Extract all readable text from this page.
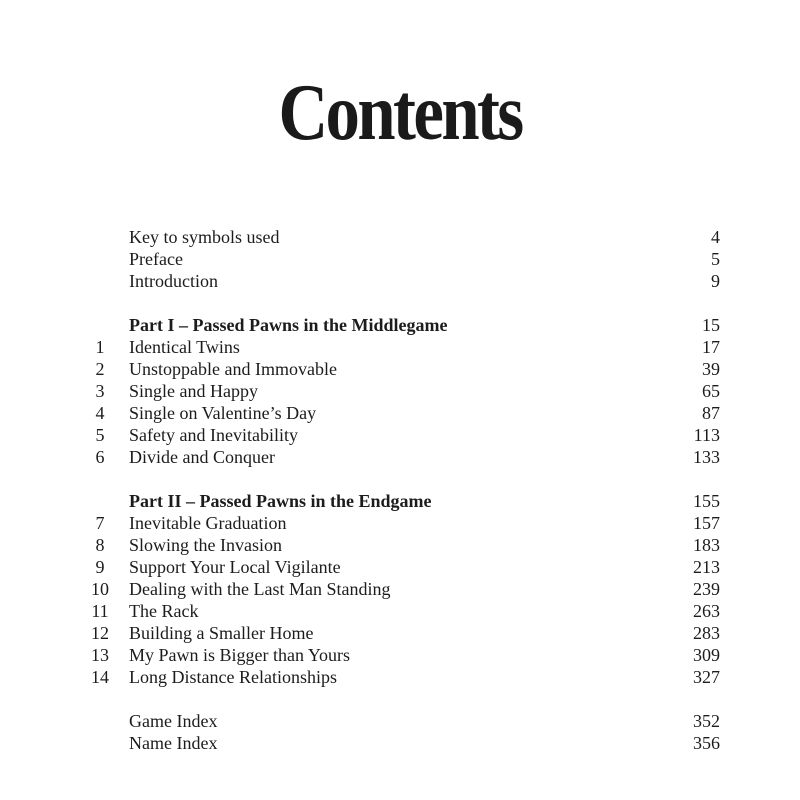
Contents
Key to symbols used	4
Preface	5
Introduction	9
Part I – Passed Pawns in the Middlegame	15
1	Identical Twins	17
2	Unstoppable and Immovable	39
3	Single and Happy	65
4	Single on Valentine’s Day	87
5	Safety and Inevitability	113
6	Divide and Conquer	133
Part II – Passed Pawns in the Endgame	155
7	Inevitable Graduation	157
8	Slowing the Invasion	183
9	Support Your Local Vigilante	213
10	Dealing with the Last Man Standing	239
11	The Rack	263
12	Building a Smaller Home	283
13	My Pawn is Bigger than Yours	309
14	Long Distance Relationships	327
Game Index	352
Name Index	356
